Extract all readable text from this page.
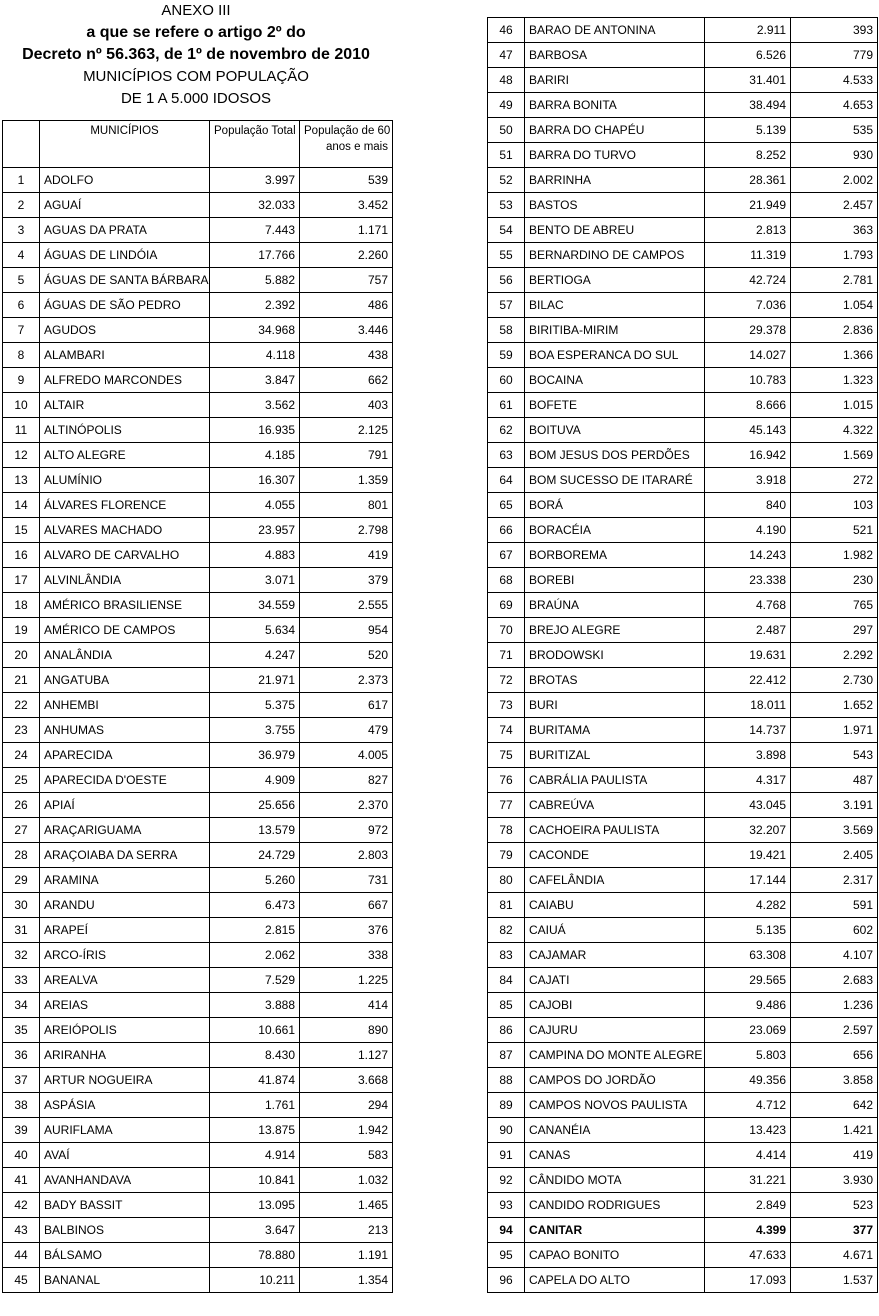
ANEXO III
a que se refere o artigo 2º do
Decreto nº 56.363, de 1º de novembro de 2010
MUNICÍPIOS COM POPULAÇÃO
DE 1 A 5.000 IDOSOS
	MUNICÍPIOS	População Total	População de 60

anos e mais

1	ADOLFO	3.997	539
2	AGUAÍ	32.033	3.452
3	AGUAS DA PRATA	7.443	1.171
4	ÁGUAS DE LINDÓIA	17.766	2.260
5	ÁGUAS DE SANTA BÁRBARA	5.882	757
6	ÁGUAS DE SÃO PEDRO	2.392	486
7	AGUDOS	34.968	3.446
8	ALAMBARI	4.118	438
9	ALFREDO MARCONDES	3.847	662
10	ALTAIR	3.562	403
11	ALTINÓPOLIS	16.935	2.125
12	ALTO ALEGRE	4.185	791
13	ALUMÍNIO	16.307	1.359
14	ÁLVARES FLORENCE	4.055	801
15	ALVARES MACHADO	23.957	2.798
16	ALVARO DE CARVALHO	4.883	419
17	ALVINLÂNDIA	3.071	379
18	AMÉRICO BRASILIENSE	34.559	2.555
19	AMÉRICO DE CAMPOS	5.634	954
20	ANALÂNDIA	4.247	520
21	ANGATUBA	21.971	2.373
22	ANHEMBI	5.375	617
23	ANHUMAS	3.755	479
24	APARECIDA	36.979	4.005
25	APARECIDA D'OESTE	4.909	827
26	APIAÍ	25.656	2.370
27	ARAÇARIGUAMA	13.579	972
28	ARAÇOIABA DA SERRA	24.729	2.803
29	ARAMINA	5.260	731
30	ARANDU	6.473	667
31	ARAPEÍ	2.815	376
32	ARCO-ÍRIS	2.062	338
33	AREALVA	7.529	1.225
34	AREIAS	3.888	414
35	AREIÓPOLIS	10.661	890
36	ARIRANHA	8.430	1.127
37	ARTUR NOGUEIRA	41.874	3.668
38	ASPÁSIA	1.761	294
39	AURIFLAMA	13.875	1.942
40	AVAÍ	4.914	583
41	AVANHANDAVA	10.841	1.032
42	BADY BASSIT	13.095	1.465
43	BALBINOS	3.647	213
44	BÁLSAMO	78.880	1.191
45	BANANAL	10.211	1.354
46	BARAO DE ANTONINA	2.911	393
47	BARBOSA	6.526	779
48	BARIRI	31.401	4.533
49	BARRA BONITA	38.494	4.653
50	BARRA DO CHAPÉU	5.139	535
51	BARRA DO TURVO	8.252	930
52	BARRINHA	28.361	2.002
53	BASTOS	21.949	2.457
54	BENTO DE ABREU	2.813	363
55	BERNARDINO DE CAMPOS	11.319	1.793
56	BERTIOGA	42.724	2.781
57	BILAC	7.036	1.054
58	BIRITIBA-MIRIM	29.378	2.836
59	BOA ESPERANCA DO SUL	14.027	1.366
60	BOCAINA	10.783	1.323
61	BOFETE	8.666	1.015
62	BOITUVA	45.143	4.322
63	BOM JESUS DOS PERDÕES	16.942	1.569
64	BOM SUCESSO DE ITARARÉ	3.918	272
65	BORÁ	840	103
66	BORACÉIA	4.190	521
67	BORBOREMA	14.243	1.982
68	BOREBI	23.338	230
69	BRAÚNA	4.768	765
70	BREJO ALEGRE	2.487	297
71	BRODOWSKI	19.631	2.292
72	BROTAS	22.412	2.730
73	BURI	18.011	1.652
74	BURITAMA	14.737	1.971
75	BURITIZAL	3.898	543
76	CABRÁLIA PAULISTA	4.317	487
77	CABREÚVA	43.045	3.191
78	CACHOEIRA PAULISTA	32.207	3.569
79	CACONDE	19.421	2.405
80	CAFELÂNDIA	17.144	2.317
81	CAIABU	4.282	591
82	CAIUÁ	5.135	602
83	CAJAMAR	63.308	4.107
84	CAJATI	29.565	2.683
85	CAJOBI	9.486	1.236
86	CAJURU	23.069	2.597
87	CAMPINA DO MONTE ALEGRE	5.803	656
88	CAMPOS DO JORDÃO	49.356	3.858
89	CAMPOS NOVOS PAULISTA	4.712	642
90	CANANÉIA	13.423	1.421
91	CANAS	4.414	419
92	CÂNDIDO MOTA	31.221	3.930
93	CANDIDO RODRIGUES	2.849	523
94	CANITAR	4.399	377
95	CAPAO BONITO	47.633	4.671
96	CAPELA DO ALTO	17.093	1.537
